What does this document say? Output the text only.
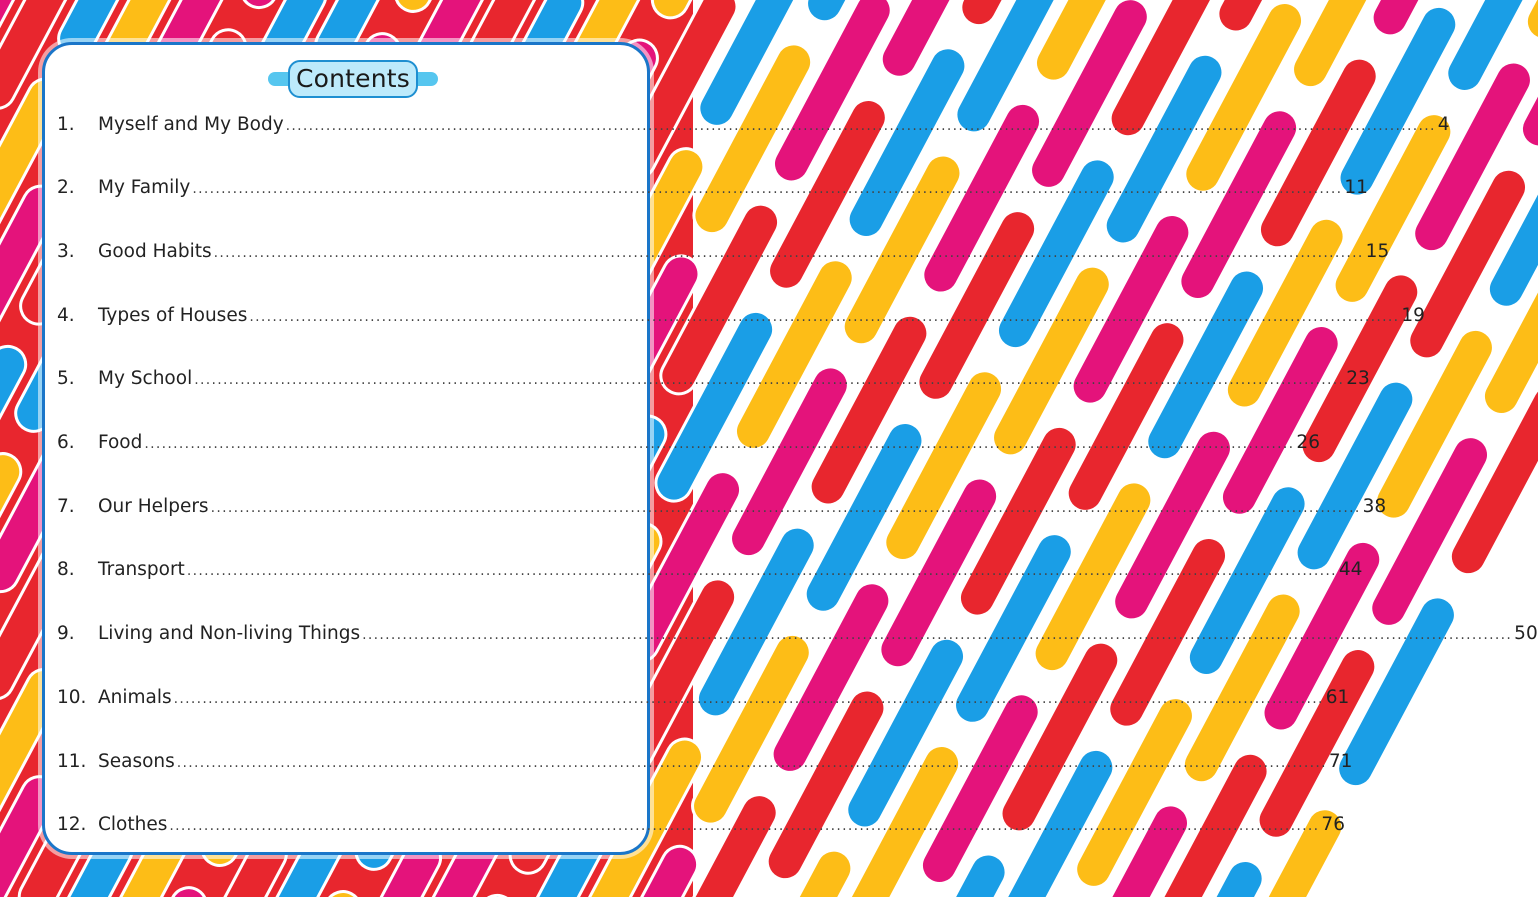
Contents
1.	Myself and My Body ........................................................................................................................................................................................................ 4
2.	My Family ........................................................................................................................................................................................................ 11
3.	Good Habits ........................................................................................................................................................................................................ 15
4.	Types of Houses ........................................................................................................................................................................................................ 19
5.	My School ........................................................................................................................................................................................................ 23
6.	Food ........................................................................................................................................................................................................ 26
7.	Our Helpers ........................................................................................................................................................................................................ 38
8.	Transport ........................................................................................................................................................................................................ 44
9.	Living and Non-living Things ........................................................................................................................................................................................................ 50
10. Animals ........................................................................................................................................................................................................ 61
11. Seasons ........................................................................................................................................................................................................ 71
12. Clothes ........................................................................................................................................................................................................ 76
